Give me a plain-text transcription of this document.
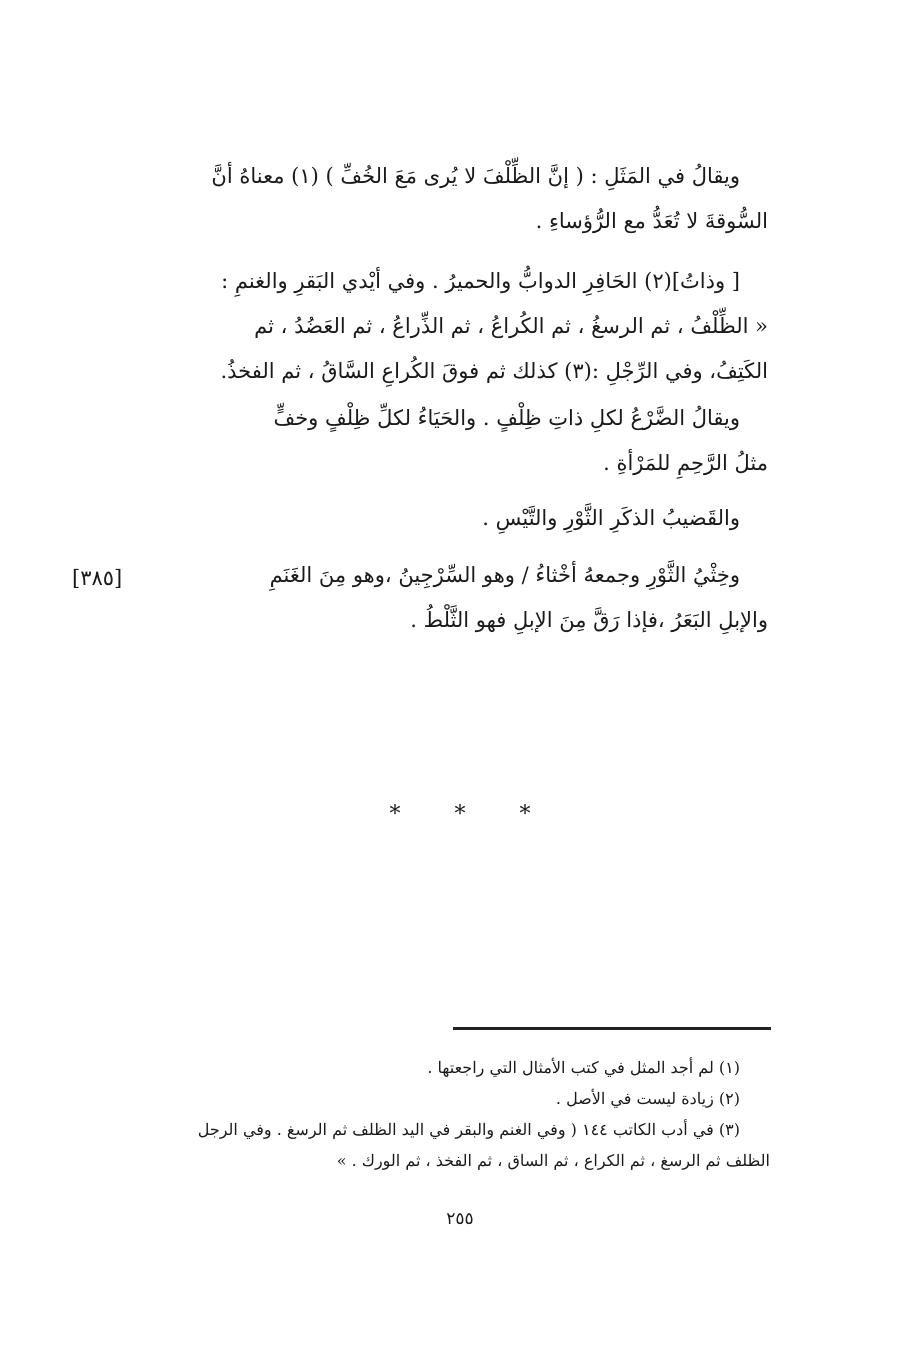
ويقالُ في المَثَلِ : ( إنَّ الظِّلْفَ لا يُرى مَعَ الخُفِّ ) (١) معناهُ أنَّ
السُّوقةَ لا تُعَدُّ مع الرُّؤساءِ .
[ وذاتُ](٢) الحَافِرِ الدوابُّ والحميرُ . وفي أيْدي البَقرِ والغنمِ :
« الظِّلْفُ ، ثم الرسغُ ، ثم الكُراعُ ، ثم الذِّراعُ ، ثم العَضُدُ ، ثم
الكَتِفُ، وفي الرِّجْلِ :(٣) كذلك ثم فوقَ الكُراعِ السَّاقُ ، ثم الفخذُ.
ويقالُ الضَّرْعُ لكلِ ذاتِ ظِلْفٍ . والحَيَاءُ لكلِّ ظِلْفٍ وخفٍّ
مثلُ الرَّحِمِ للمَرْأةِ .
والقَضيبُ الذكَرِ الثَّوْرِ والتَّيْسِ .
وخِثْيُ الثَّوْرِ وجمعهُ أخْثاءُ / وهو السِّرْجِينُ ،وهو مِنَ الغَنَمِ
والإبلِ البَعَرُ ،فإذا رَقَّ مِنَ الإبلِ فهو الثَّلْطُ .
[٣٨٥]
*	*	*
(١) لم أجد المثل في كتب الأمثال التي راجعتها .
(٢) زيادة ليست في الأصل .
(٣) في أدب الكاتب ١٤٤ ( وفي الغنم والبقر في اليد الظلف ثم الرسغ . وفي الرجل
الظلف ثم الرسغ ، ثم الكراع ، ثم الساق ، ثم الفخذ ، ثم الورك . »
٢٥٥
